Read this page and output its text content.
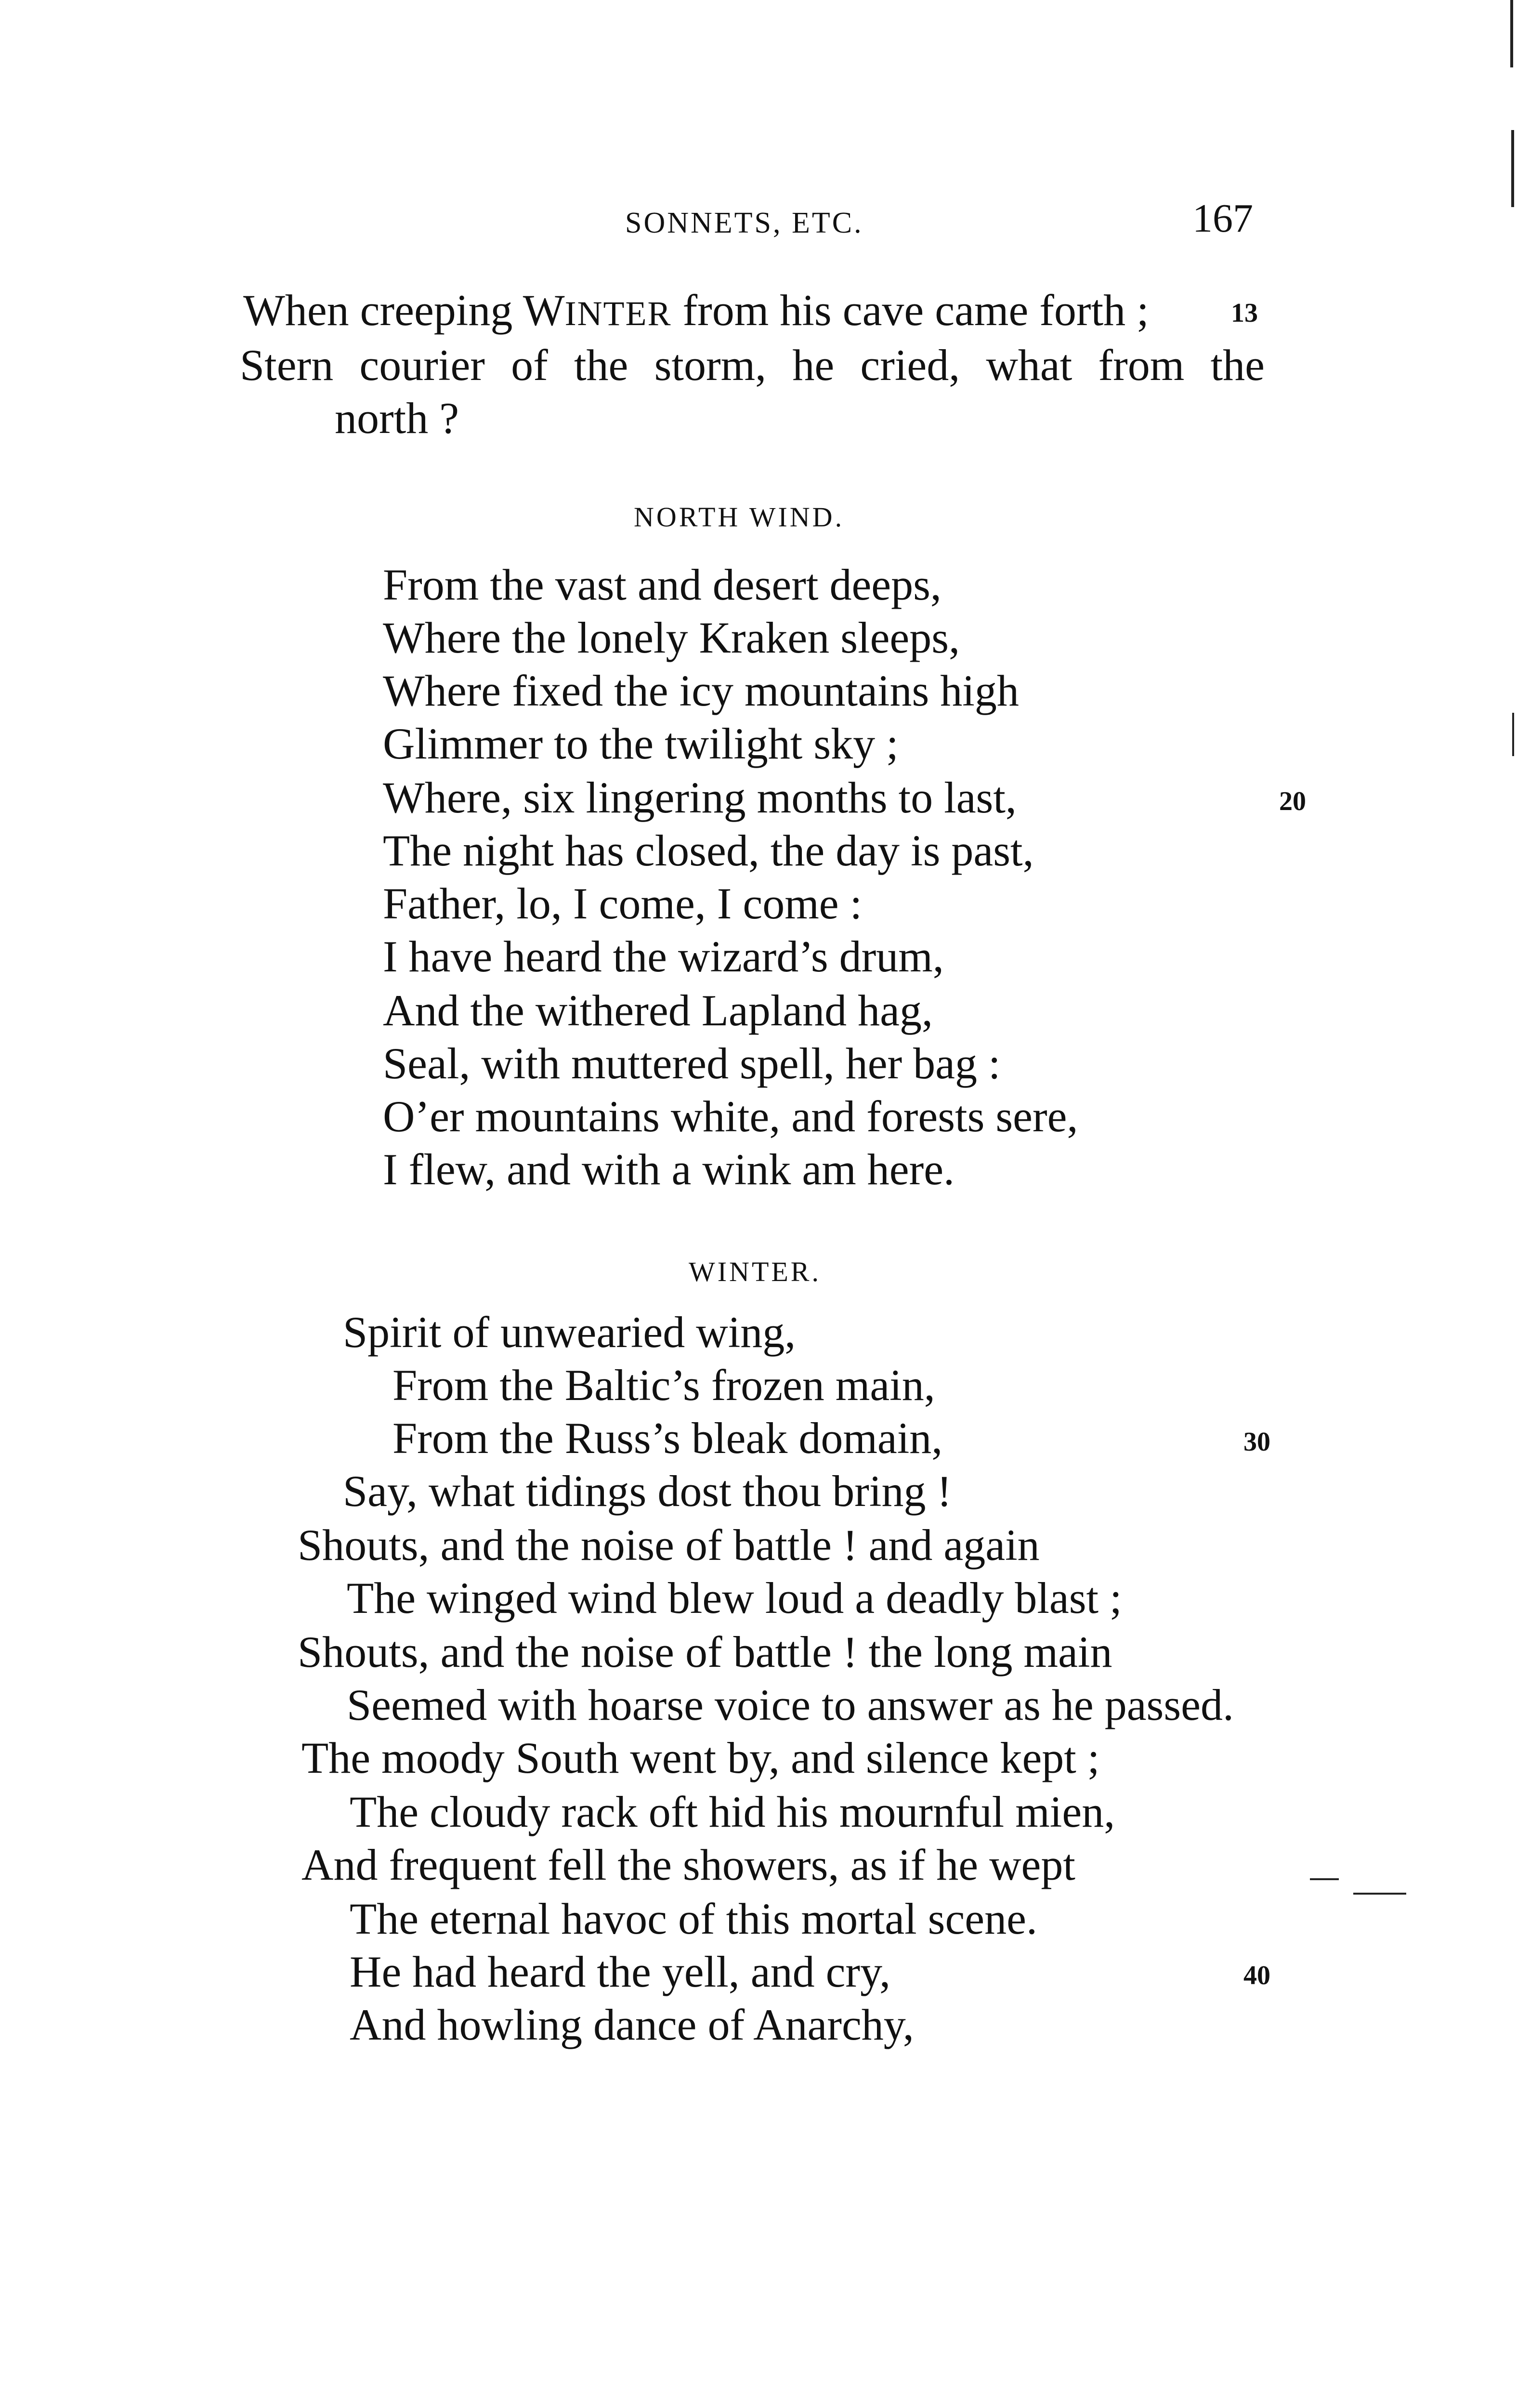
SONNETS, ETC.	167
When creeping WINTER from his cave came forth ;	13
Stern courier of the storm, he cried, what from the
north ?
NORTH WIND.
From the vast and desert deeps,
Where the lonely Kraken sleeps,
Where fixed the icy mountains high
Glimmer to the twilight sky ;
Where, six lingering months to last,	20
The night has closed, the day is past,
Father, lo, I come, I come :
I have heard the wizard’s drum,
And the withered Lapland hag,
Seal, with muttered spell, her bag :
O’er mountains white, and forests sere,
I flew, and with a wink am here.
WINTER.
Spirit of unwearied wing,
From the Baltic’s frozen main,
From the Russ’s bleak domain,	30
Say, what tidings dost thou bring !
Shouts, and the noise of battle ! and again
The winged wind blew loud a deadly blast ;
Shouts, and the noise of battle ! the long main
Seemed with hoarse voice to answer as he passed.
The moody South went by, and silence kept ;
The cloudy rack oft hid his mournful mien,
And frequent fell the showers, as if he wept
The eternal havoc of this mortal scene.
He had heard the yell, and cry,	40
And howling dance of Anarchy,
